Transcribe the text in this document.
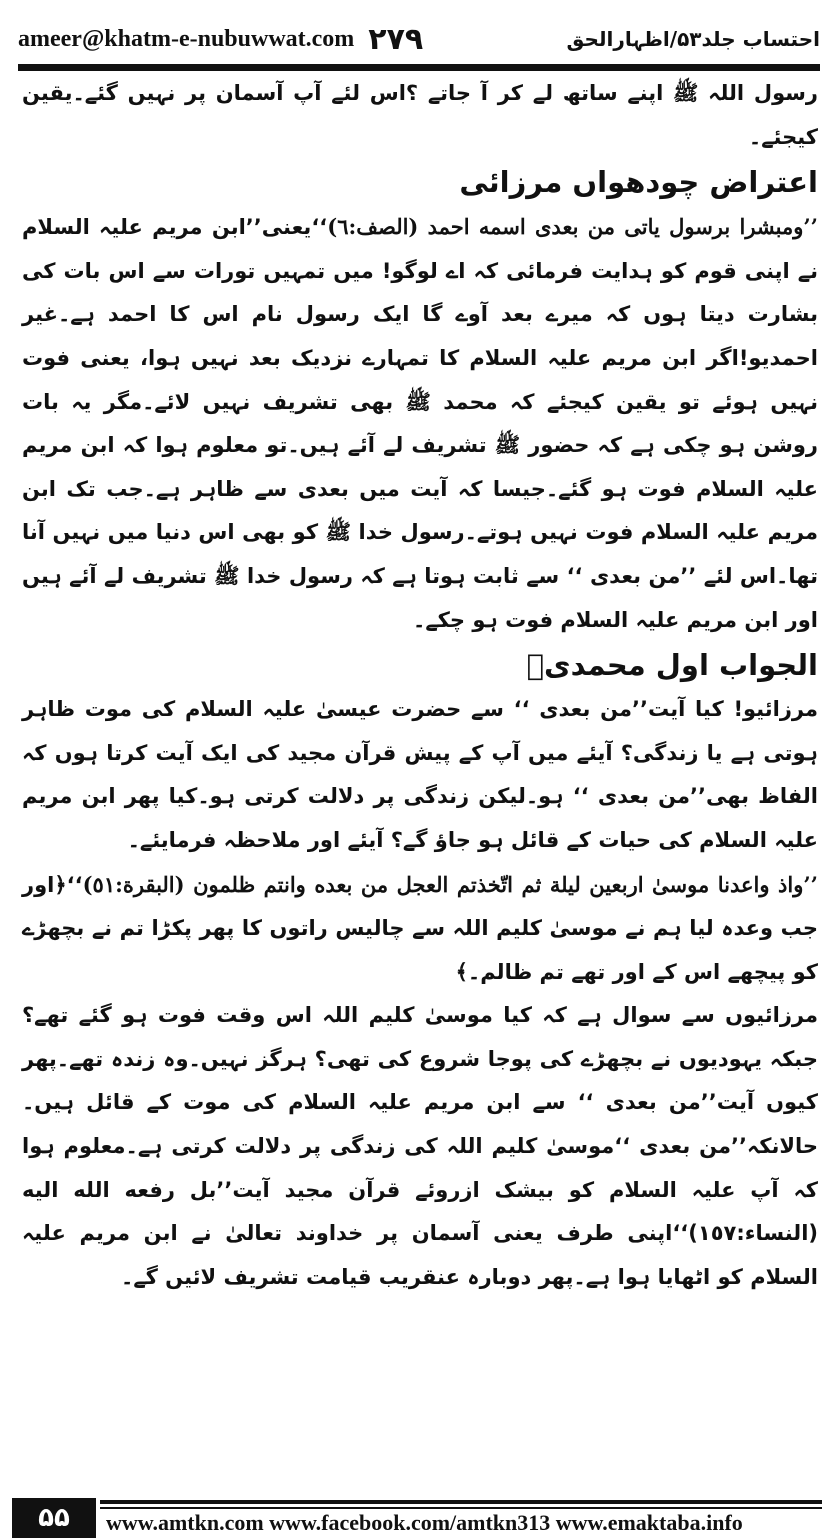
ameer@khatm-e-nubuwwat.com ۲۷۹	احتساب جلد۵۳/اظہارالحق

رسول اللہ ﷺ اپنے ساتھ لے کر آ جاتے ؟اس لئے آپ آسمان پر نہیں گئے۔یقین کیجئے۔

اعتراض چودھواں مرزائی

’’ومبشرا برسول یاتی من بعدی اسمه احمد (الصف:٦)‘‘یعنی’’ابن مریم علیہ السلام نے اپنی قوم کو ہدایت فرمائی کہ اے لوگو! میں تمہیں تورات سے اس بات کی بشارت دیتا ہوں کہ میرے بعد آوے گا ایک رسول نام اس کا احمد ہے۔غیر احمدیو!اگر ابن مریم علیہ السلام کا تمہارے نزدیک بعد نہیں ہوا، یعنی فوت نہیں ہوئے تو یقین کیجئے کہ محمد ﷺ بھی تشریف نہیں لائے۔مگر یہ بات روشن ہو چکی ہے کہ حضور ﷺ تشریف لے آئے ہیں۔تو معلوم ہوا کہ ابن مریم علیہ السلام فوت ہو گئے۔جیسا کہ آیت میں بعدی سے ظاہر ہے۔جب تک ابن مریم علیہ السلام فوت نہیں ہوتے۔رسول خدا ﷺ کو بھی اس دنیا میں نہیں آنا تھا۔اس لئے ’’من بعدی ‘‘ سے ثابت ہوتا ہے کہ رسول خدا ﷺ تشریف لے آئے ہیں اور ابن مریم علیہ السلام فوت ہو چکے۔

الجواب اول محمدیؐ

مرزائیو! کیا آیت’’من بعدی ‘‘ سے حضرت عیسیٰ علیہ السلام کی موت ظاہر ہوتی ہے یا زندگی؟ آیئے میں آپ کے پیش قرآن مجید کی ایک آیت کرتا ہوں کہ الفاظ بھی’’من بعدی ‘‘ ہو۔لیکن زندگی پر دلالت کرتی ہو۔کیا پھر ابن مریم علیہ السلام کی حیات کے قائل ہو جاؤ گے؟ آیئے اور ملاحظہ فرمایئے۔

’’واذ واعدنا موسیٰ اربعین لیلة ثم اتّخذتم العجل من بعده وانتم ظلمون (البقرة:٥١)‘‘﴿اور جب وعدہ لیا ہم نے موسیٰ کلیم اللہ سے چالیس راتوں کا پھر پکڑا تم نے بچھڑے کو پیچھے اس کے اور تھے تم ظالم۔﴾

مرزائیوں سے سوال ہے کہ کیا موسیٰ کلیم اللہ اس وقت فوت ہو گئے تھے؟ جبکہ یہودیوں نے بچھڑے کی پوجا شروع کی تھی؟ ہرگز نہیں۔وہ زندہ تھے۔پھر کیوں آیت’’من بعدی ‘‘ سے ابن مریم علیہ السلام کی موت کے قائل ہیں۔حالانکہ’’من بعدی ‘‘موسیٰ کلیم اللہ کی زندگی پر دلالت کرتی ہے۔معلوم ہوا کہ آپ علیہ السلام کو بیشک ازروئے قرآن مجید آیت’’بل رفعه الله اليه (النساء:١٥٧)‘‘اپنی طرف یعنی آسمان پر خداوند تعالیٰ نے ابن مریم علیہ السلام کو اٹھایا ہوا ہے۔پھر دوبارہ عنقریب قیامت تشریف لائیں گے۔

۵۵	www.amtkn.com www.facebook.com/amtkn313 www.emaktaba.info
